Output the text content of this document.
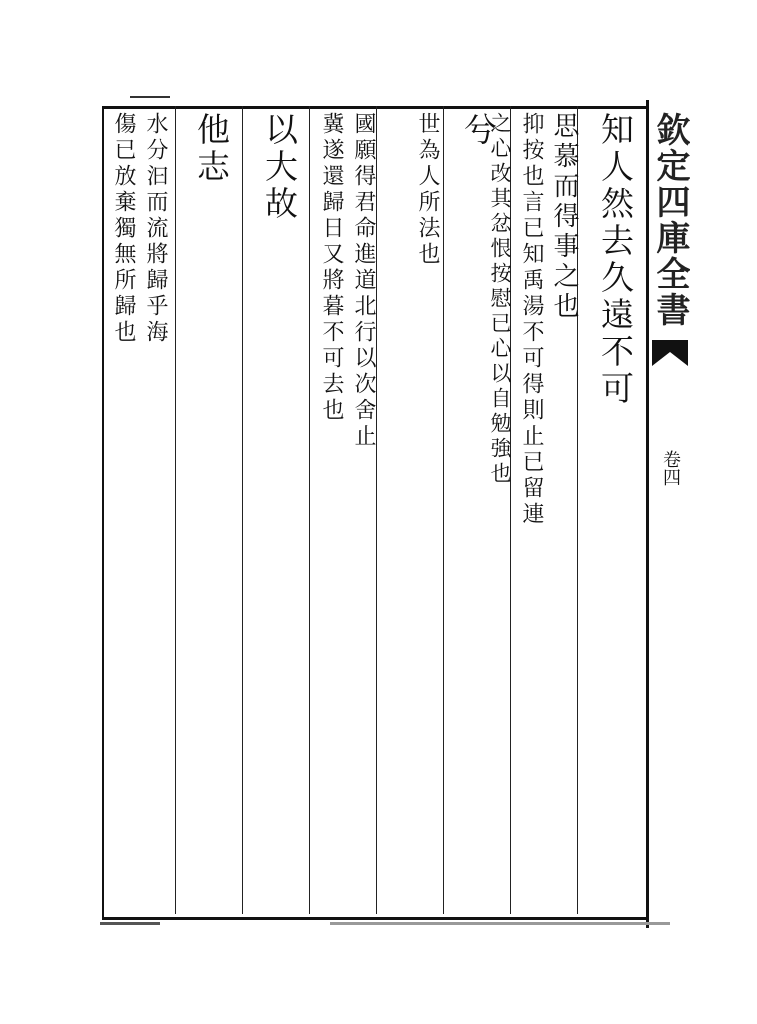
欽定四庫全書
卷四
知人然去久遠不可
思慕而得事之也
抑按也言已知禹湯不可得則止已留連
之心改其忿恨按慰已心以自勉強也
兮
世為人所法也
國願得君命進道北行以次舍止
冀遂還歸日又將暮不可去也
以大故
他志
水分汩而流將歸乎海
傷已放棄獨無所歸也
